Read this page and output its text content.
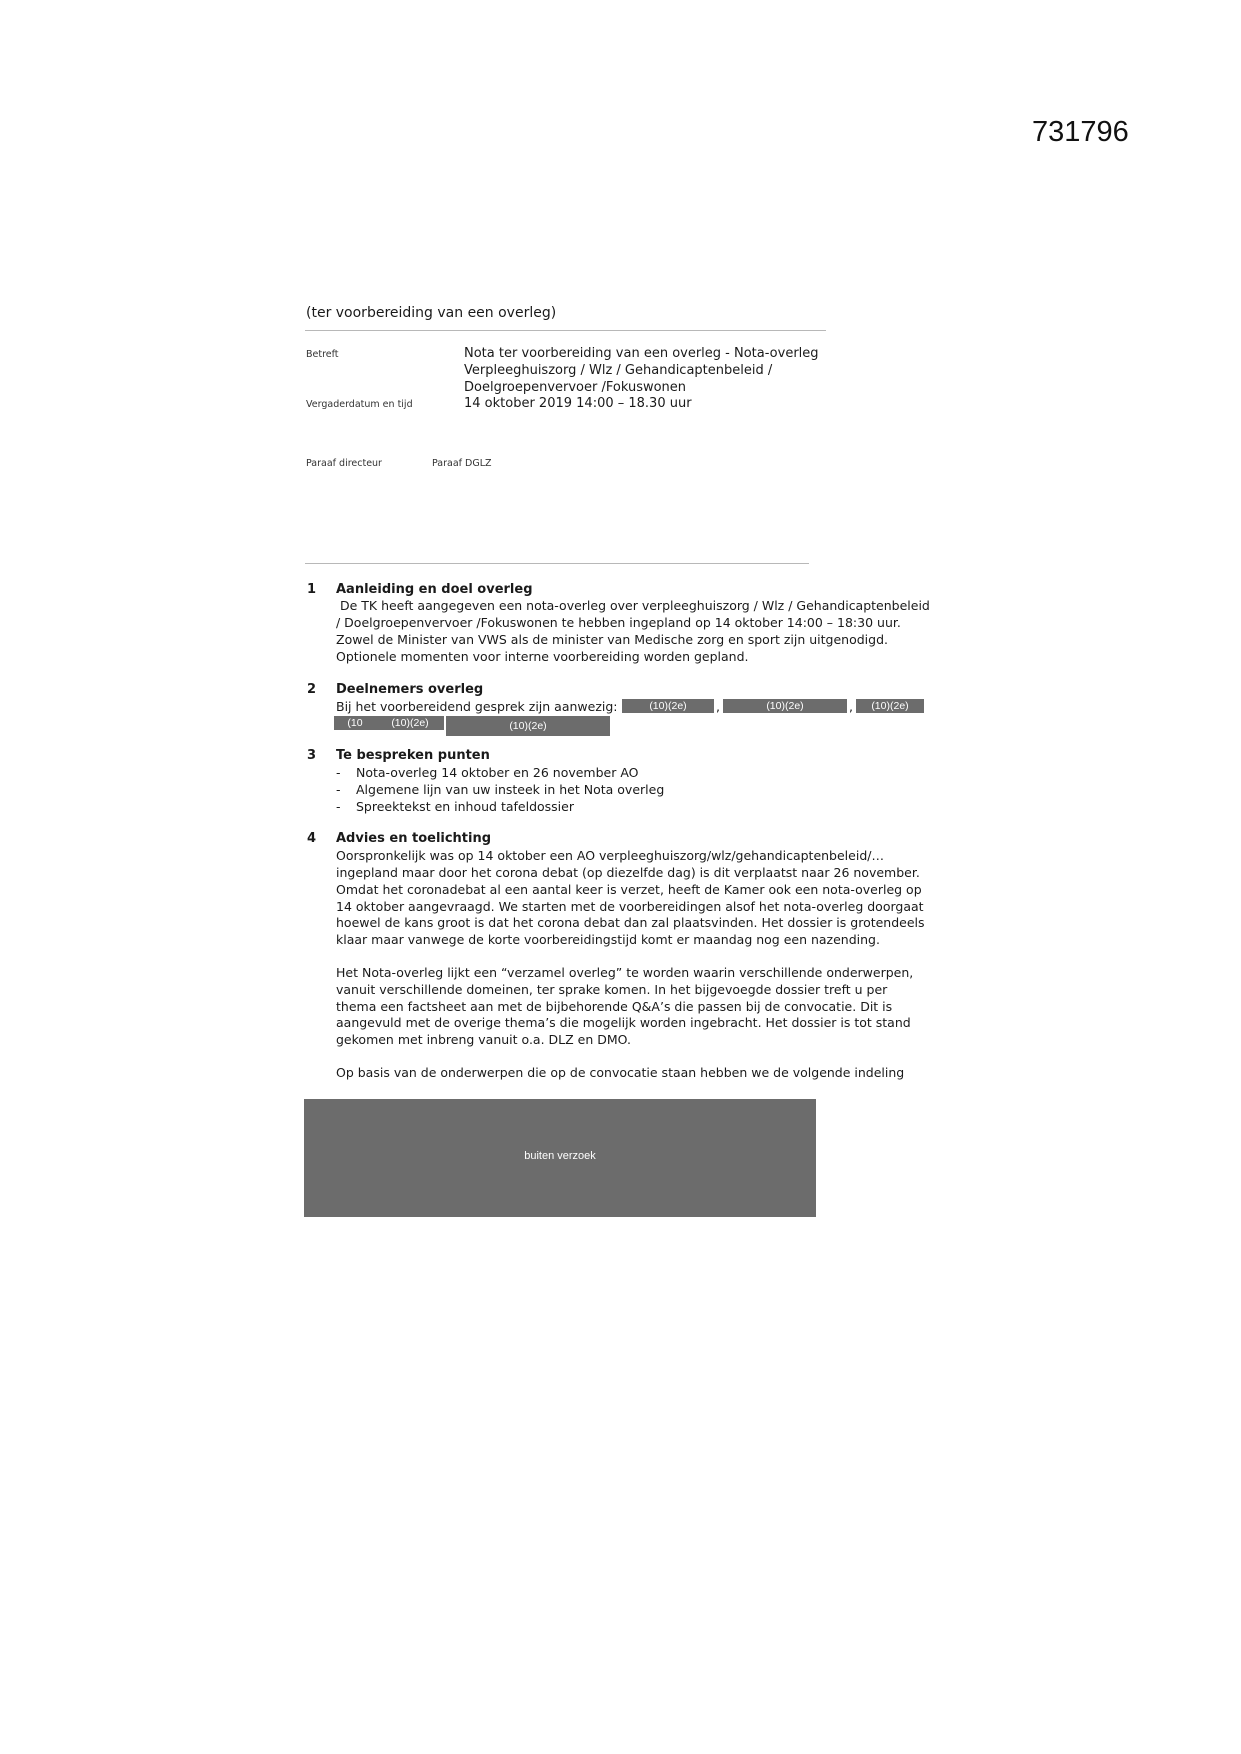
731796
(ter voorbereiding van een overleg)
Betreft	Nota ter voorbereiding van een overleg - Nota-overleg
Verpleeghuiszorg / Wlz / Gehandicaptenbeleid /
Doelgroepenvervoer /Fokuswonen
Vergaderdatum en tijd	14 oktober 2019 14:00 – 18.30 uur
Paraaf directeur	Paraaf DGLZ
1 Aanleiding en doel overleg
De TK heeft aangegeven een nota-overleg over verpleeghuiszorg / Wlz / Gehandicaptenbeleid
/ Doelgroepenvervoer /Fokuswonen te hebben ingepland op 14 oktober 14:00 – 18:30 uur.
Zowel de Minister van VWS als de minister van Medische zorg en sport zijn uitgenodigd.
Optionele momenten voor interne voorbereiding worden gepland.
2 Deelnemers overleg
Bij het voorbereidend gesprek zijn aanwezig:	(10)(2e)	,	(10)(2e)	,	(10)(2e)
(10	(10)(2e)	(10)(2e)
3 Te bespreken punten
- Nota-overleg 14 oktober en 26 november AO
- Algemene lijn van uw insteek in het Nota overleg
- Spreektekst en inhoud tafeldossier
4 Advies en toelichting
Oorspronkelijk was op 14 oktober een AO verpleeghuiszorg/wlz/gehandicaptenbeleid/…
ingepland maar door het corona debat (op diezelfde dag) is dit verplaatst naar 26 november.
Omdat het coronadebat al een aantal keer is verzet, heeft de Kamer ook een nota-overleg op
14 oktober aangevraagd. We starten met de voorbereidingen alsof het nota-overleg doorgaat
hoewel de kans groot is dat het corona debat dan zal plaatsvinden. Het dossier is grotendeels
klaar maar vanwege de korte voorbereidingstijd komt er maandag nog een nazending.
Het Nota-overleg lijkt een “verzamel overleg” te worden waarin verschillende onderwerpen,
vanuit verschillende domeinen, ter sprake komen. In het bijgevoegde dossier treft u per
thema een factsheet aan met de bijbehorende Q&A’s die passen bij de convocatie. Dit is
aangevuld met de overige thema’s die mogelijk worden ingebracht. Het dossier is tot stand
gekomen met inbreng vanuit o.a. DLZ en DMO.
Op basis van de onderwerpen die op de convocatie staan hebben we de volgende indeling
buiten verzoek
